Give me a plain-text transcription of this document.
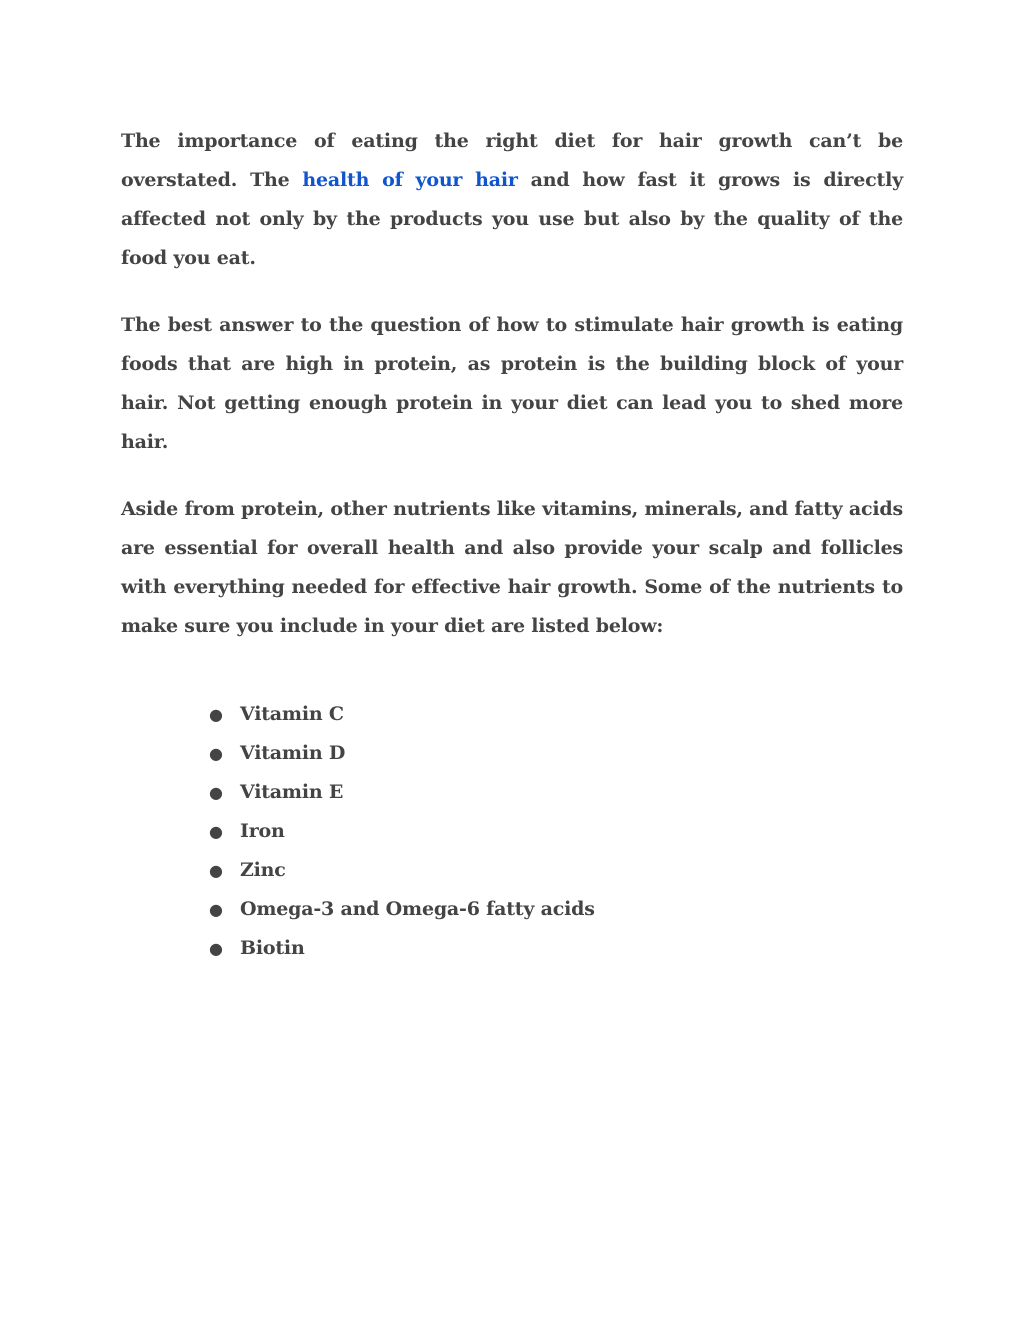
The importance of eating the right diet for hair growth can’t be overstated. The health of your hair and how fast it grows is directly affected not only by the products you use but also by the quality of the food you eat.

The best answer to the question of how to stimulate hair growth is eating foods that are high in protein, as protein is the building block of your hair. Not getting enough protein in your diet can lead you to shed more hair.

Aside from protein, other nutrients like vitamins, minerals, and fatty acids are essential for overall health and also provide your scalp and follicles with everything needed for effective hair growth. Some of the nutrients to make sure you include in your diet are listed below:

● Vitamin C
● Vitamin D
● Vitamin E
● Iron
● Zinc
● Omega-3 and Omega-6 fatty acids
● Biotin
